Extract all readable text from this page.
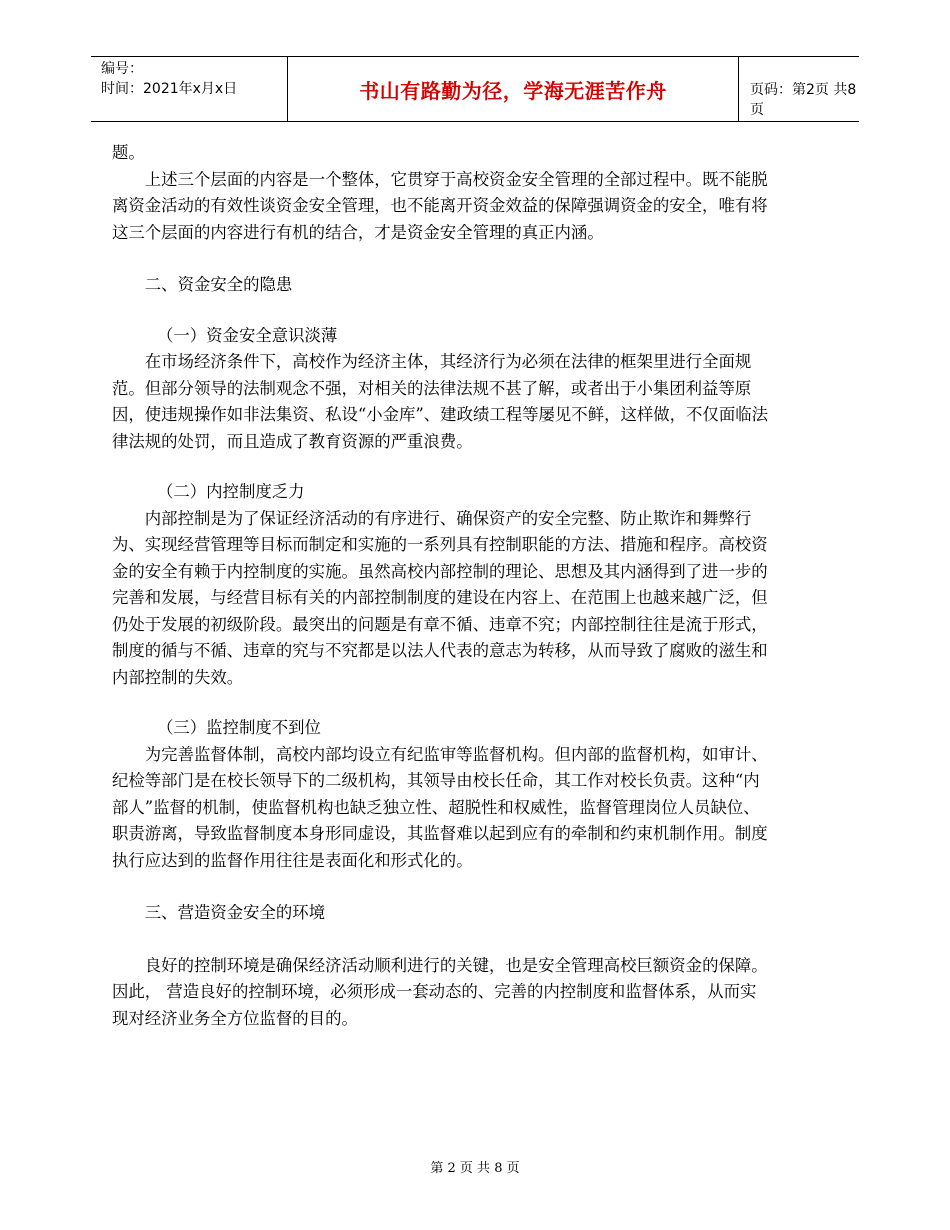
编号：
时间：2021年x月x日	书山有路勤为径，学海无涯苦作舟	页码：第2页 共8页

题。

上述三个层面的内容是一个整体，它贯穿于高校资金安全管理的全部过程中。既不能脱离资金活动的有效性谈资金安全管理，也不能离开资金效益的保障强调资金的安全，唯有将这三个层面的内容进行有机的结合，才是资金安全管理的真正内涵。

二、资金安全的隐患

（一）资金安全意识淡薄

在市场经济条件下，高校作为经济主体，其经济行为必须在法律的框架里进行全面规范。但部分领导的法制观念不强，对相关的法律法规不甚了解，或者出于小集团利益等原因，使违规操作如非法集资、私设“小金库”、建政绩工程等屡见不鲜，这样做，不仅面临法律法规的处罚，而且造成了教育资源的严重浪费。

（二）内控制度乏力

内部控制是为了保证经济活动的有序进行、确保资产的安全完整、防止欺诈和舞弊行为、实现经营管理等目标而制定和实施的一系列具有控制职能的方法、措施和程序。高校资金的安全有赖于内控制度的实施。虽然高校内部控制的理论、思想及其内涵得到了进一步的完善和发展，与经营目标有关的内部控制制度的建设在内容上、在范围上也越来越广泛，但仍处于发展的初级阶段。最突出的问题是有章不循、违章不究；内部控制往往是流于形式，制度的循与不循、违章的究与不究都是以法人代表的意志为转移，从而导致了腐败的滋生和内部控制的失效。

（三）监控制度不到位

为完善监督体制，高校内部均设立有纪监审等监督机构。但内部的监督机构，如审计、纪检等部门是在校长领导下的二级机构，其领导由校长任命，其工作对校长负责。这种“内部人”监督的机制，使监督机构也缺乏独立性、超脱性和权威性，监督管理岗位人员缺位、职责游离，导致监督制度本身形同虚设，其监督难以起到应有的牵制和约束机制作用。制度执行应达到的监督作用往往是表面化和形式化的。

三、营造资金安全的环境

良好的控制环境是确保经济活动顺利进行的关键，也是安全管理高校巨额资金的保障。因此， 营造良好的控制环境，必须形成一套动态的、完善的内控制度和监督体系，从而实现对经济业务全方位监督的目的。

第 2 页 共 8 页
